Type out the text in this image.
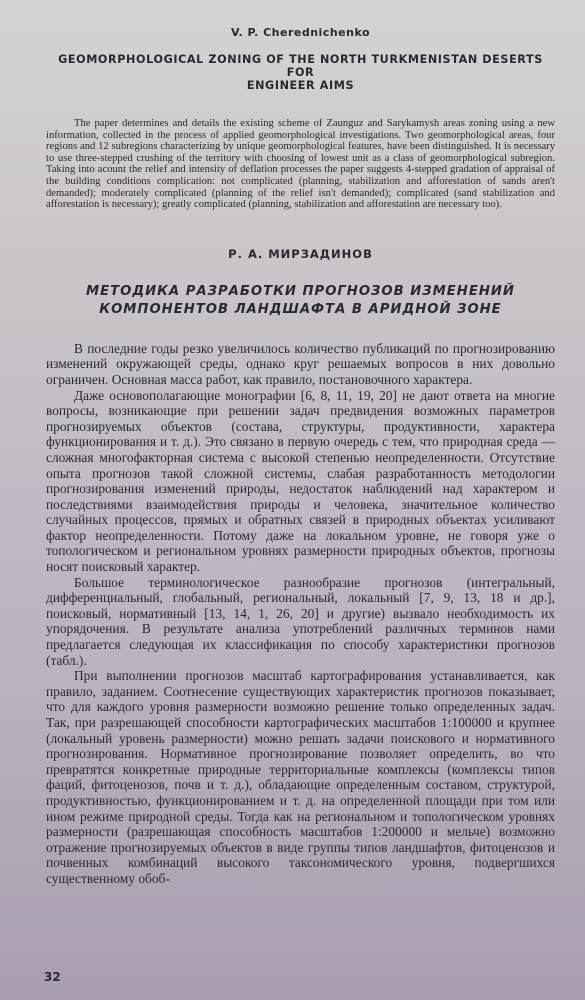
V. P. Cherednichenko
GEOMORPHOLOGICAL ZONING OF THE NORTH TURKMENISTAN DESERTS FOR
ENGINEER AIMS

The paper determines and details the existing scheme of Zaunguz and Sarykamysh areas zoning using a new information, collected in the process of applied geomorphological investigations. Two geomorphological areas, four regions and 12 subregions characterizing by unique geomorphological features, have been distinguished. It is necessary to use three-stepped crushing of the territory with choosing of lowest unit as a class of geomorphological subregion. Taking into acount the relief and intensity of deflation processes the paper suggests 4-stepped gradation of appraisal of the building conditions complication: not complicated (planning, stabilization and afforestation of sands aren't demanded); moderately complicated (planning of the relief isn't demanded); complicated (sand stabilization and afforestation is necessary); greatly complicated (planning, stabilization and afforestation are necessary too).

Р. А. МИРЗАДИНОВ
МЕТОДИКА РАЗРАБОТКИ ПРОГНОЗОВ ИЗМЕНЕНИЙ
КОМПОНЕНТОВ ЛАНДШАФТА В АРИДНОЙ ЗОНЕ

В последние годы резко увеличилось количество публикаций по прогнозированию изменений окружающей среды, однако круг решаемых вопросов в них довольно ограничен. Основная масса работ, как правило, постановочного характера.

Даже основополагающие монографии [6, 8, 11, 19, 20] не дают ответа на многие вопросы, возникающие при решении задач предвидения возможных параметров прогнозируемых объектов (состава, структуры, продуктивности, характера функционирования и т. д.). Это связано в первую очередь с тем, что природная среда — сложная многофакторная система с высокой степенью неопределенности. Отсутствие опыта прогнозов такой сложной системы, слабая разработанность методологии прогнозирования изменений природы, недостаток наблюдений над характером и последствиями взаимодействия природы и человека, значительное количество случайных процессов, прямых и обратных связей в природных объектах усиливают фактор неопределенности. Потому даже на локальном уровне, не говоря уже о топологическом и региональном уровнях размерности природных объектов, прогнозы носят поисковый характер.

Большое терминологическое разнообразие прогнозов (интегральный, дифференциальный, глобальный, региональный, локальный [7, 9, 13, 18 и др.], поисковый, нормативный [13, 14, 1, 26, 20] и другие) вызвало необходимость их упорядочения. В результате анализа употреблений различных терминов нами предлагается следующая их классификация по способу характеристики прогнозов (табл.).

При выполнении прогнозов масштаб картографирования устанавливается, как правило, заданием. Соотнесение существующих характеристик прогнозов показывает, что для каждого уровня размерности возможно решение только определенных задач. Так, при разрешающей способности картографических масштабов 1:100000 и крупнее (локальный уровень размерности) можно решать задачи поискового и нормативного прогнозирования. Нормативное прогнозирование позволяет определить, во что превратятся конкретные природные территориальные комплексы (комплексы типов фаций, фитоценозов, почв и т. д.), обладающие определенным составом, структурой, продуктивностью, функционированием и т. д. на определенной площади при том или ином режиме природной среды. Тогда как на региональном и топологическом уровнях размерности (разрешающая способность масштабов 1:200000 и мельче) возможно отражение прогнозируемых объектов в виде группы типов ландшафтов, фитоценозов и почвенных комбинаций высокого таксономического уровня, подвергшихся существенному обоб-

32
